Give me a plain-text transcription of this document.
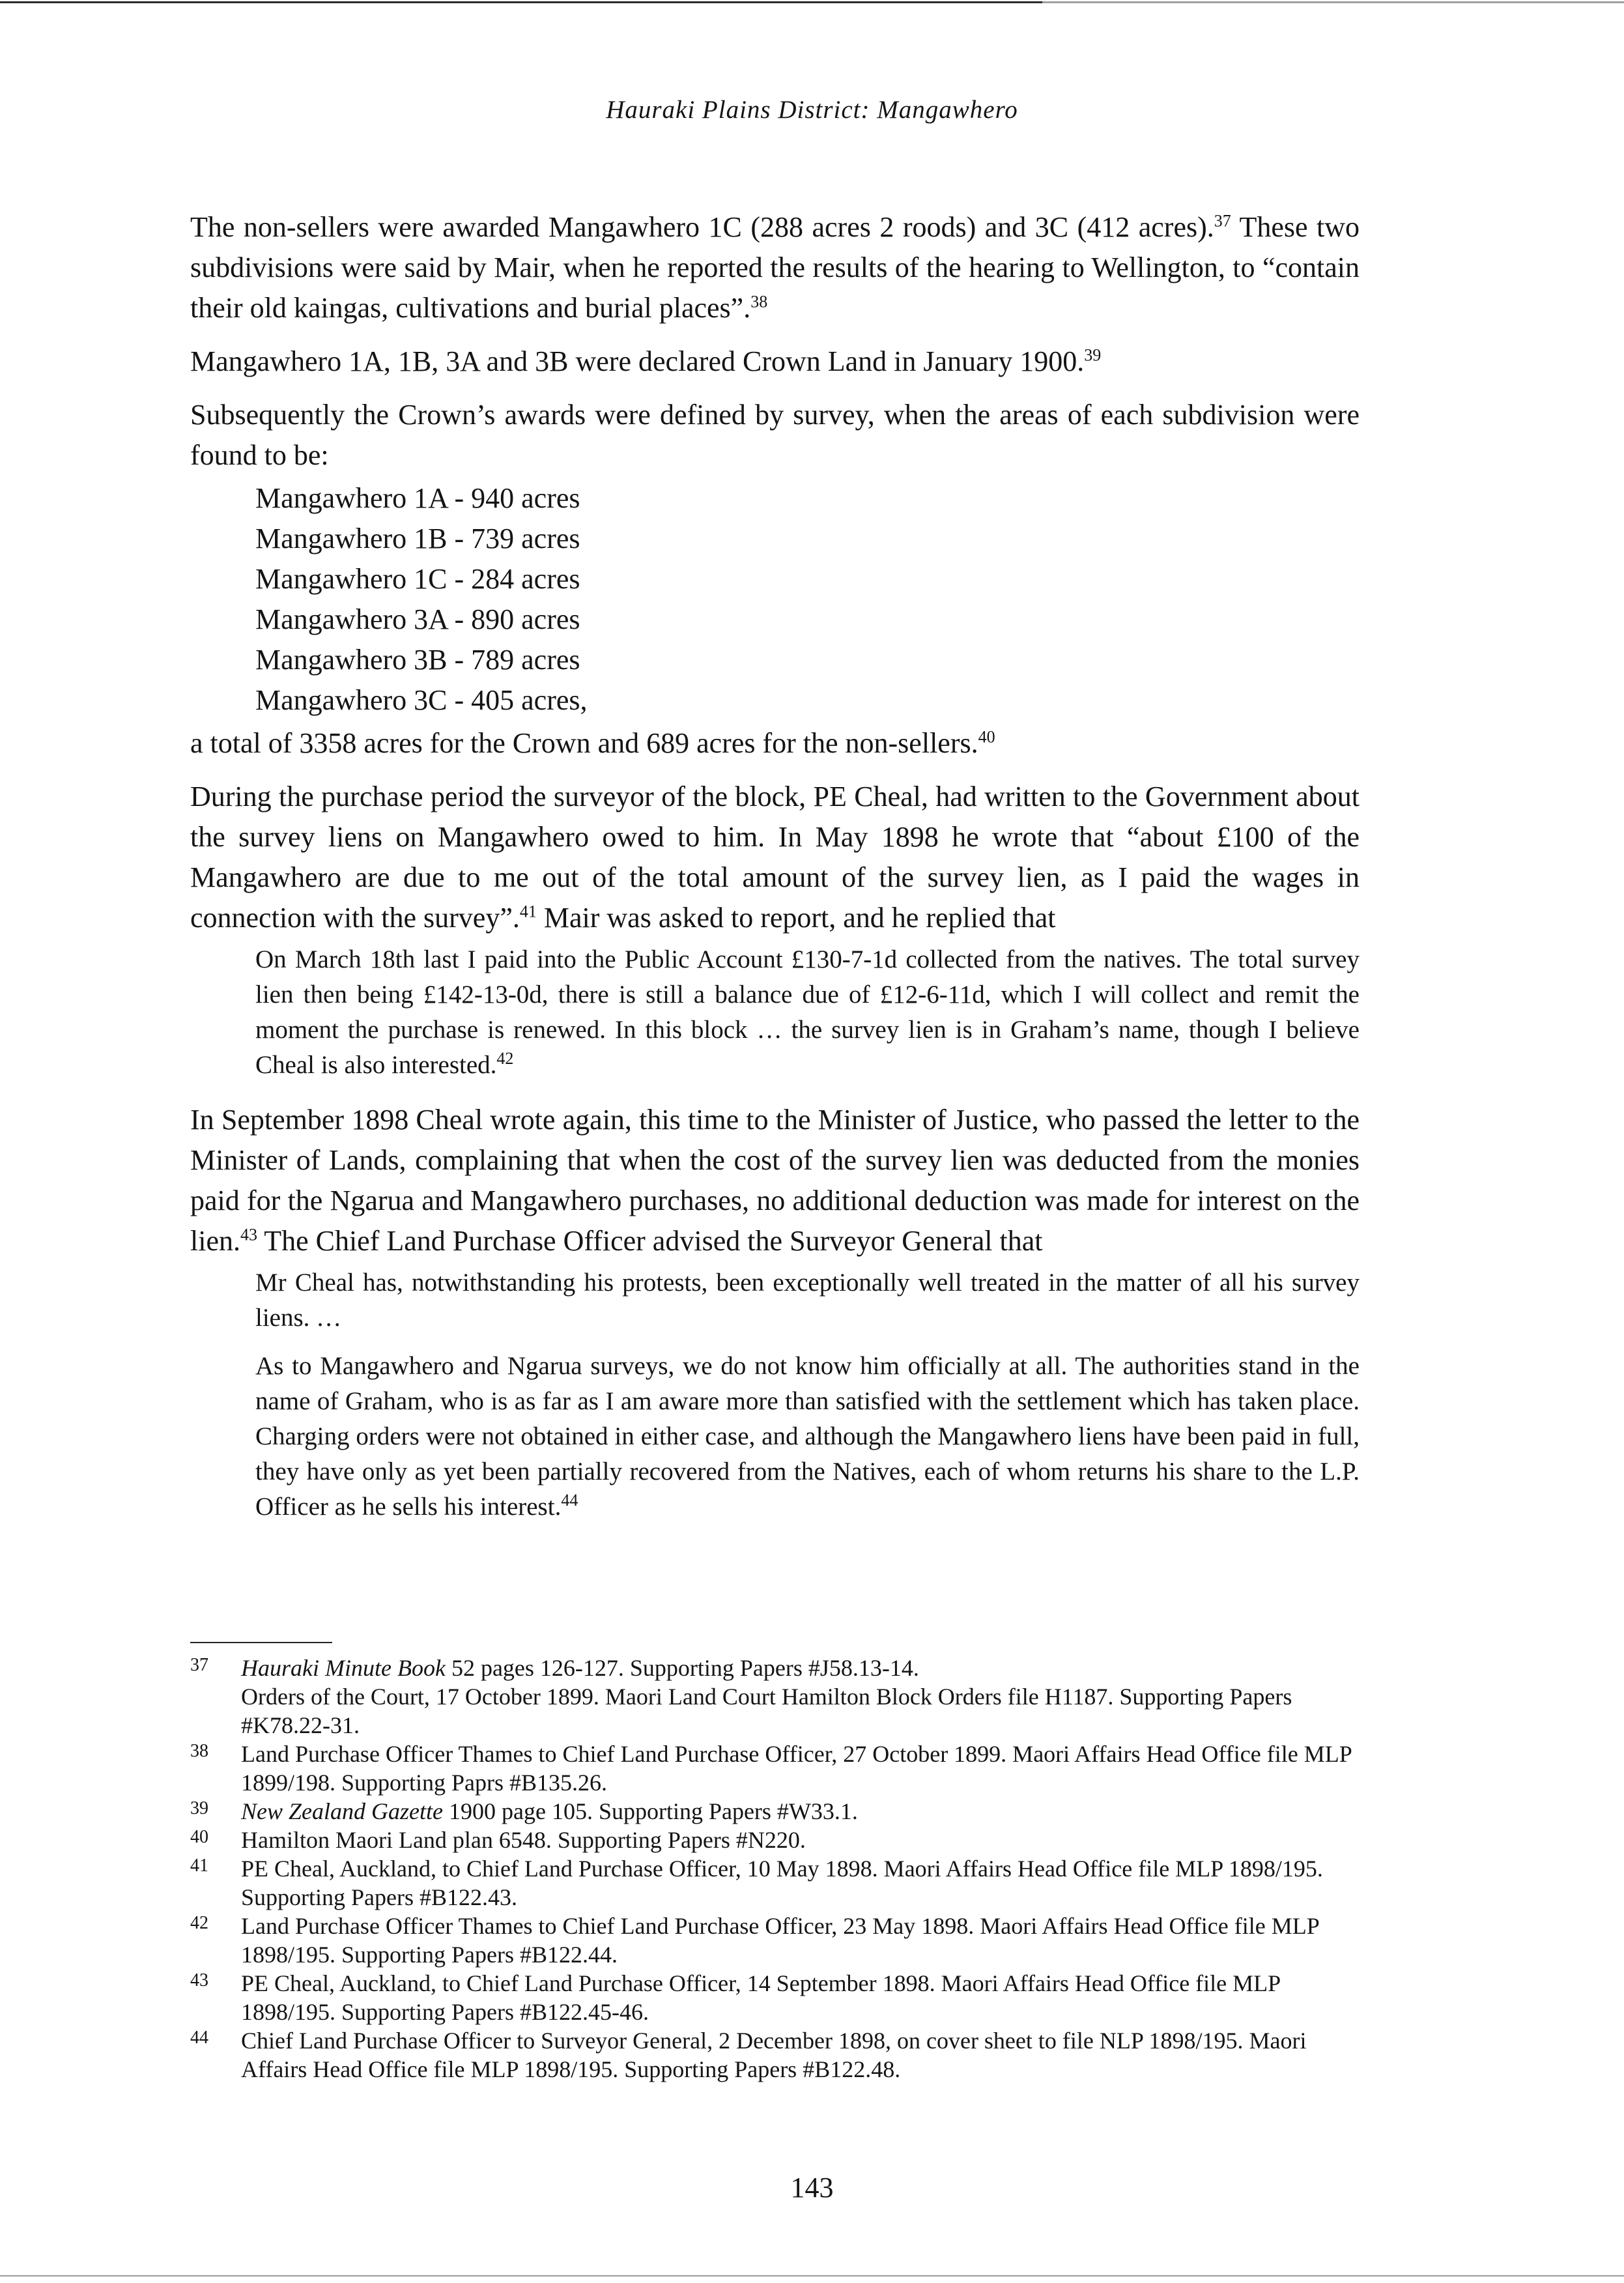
Hauraki Plains District: Mangawhero

The non-sellers were awarded Mangawhero 1C (288 acres 2 roods) and 3C (412 acres).$^{37}$ These two subdivisions were said by Mair, when he reported the results of the hearing to Wellington, to “contain their old kaingas, cultivations and burial places”.$^{38}$

Mangawhero 1A, 1B, 3A and 3B were declared Crown Land in January 1900.39

Subsequently the Crown’s awards were defined by survey, when the areas of each subdivision were found to be:

Mangawhero 1A - 940 acres
Mangawhero 1B - 739 acres
Mangawhero 1C - 284 acres
Mangawhero 3A - 890 acres
Mangawhero 3B - 789 acres
Mangawhero 3C - 405 acres,

a total of 3358 acres for the Crown and 689 acres for the non-sellers.$^{40}$

During the purchase period the surveyor of the block, PE Cheal, had written to the Government about the survey liens on Mangawhero owed to him. In May 1898 he wrote that “about £100 of the Mangawhero are due to me out of the total amount of the survey lien, as I paid the wages in connection with the survey”.$^{41}$ Mair was asked to report, and he replied that

On March 18th last I paid into the Public Account £130-7-1d collected from the natives. The total survey lien then being £142-13-0d, there is still a balance due of £12-6-11d, which I will collect and remit the moment the purchase is renewed. In this block … the survey lien is in Graham’s name, though I believe Cheal is also interested.$^{42}$

In September 1898 Cheal wrote again, this time to the Minister of Justice, who passed the letter to the Minister of Lands, complaining that when the cost of the survey lien was deducted from the monies paid for the Ngarua and Mangawhero purchases, no additional deduction was made for interest on the lien.$^{43}$ The Chief Land Purchase Officer advised the Surveyor General that

Mr Cheal has, notwithstanding his protests, been exceptionally well treated in the matter of all his survey liens. …

As to Mangawhero and Ngarua surveys, we do not know him officially at all. The authorities stand in the name of Graham, who is as far as I am aware more than satisfied with the settlement which has taken place. Charging orders were not obtained in either case, and although the Mangawhero liens have been paid in full, they have only as yet been partially recovered from the Natives, each of whom returns his share to the L.P. Officer as he sells his interest.$^{44}$

37	Hauraki Minute Book 52 pages 126-127. Supporting Papers #J58.13-14.
Orders of the Court, 17 October 1899. Maori Land Court Hamilton Block Orders file H1187. Supporting Papers #K78.22-31.
38	Land Purchase Officer Thames to Chief Land Purchase Officer, 27 October 1899. Maori Affairs Head Office file MLP 1899/198. Supporting Paprs #B135.26.
39	New Zealand Gazette 1900 page 105. Supporting Papers #W33.1.
40	Hamilton Maori Land plan 6548. Supporting Papers #N220.
41	PE Cheal, Auckland, to Chief Land Purchase Officer, 10 May 1898. Maori Affairs Head Office file MLP 1898/195. Supporting Papers #B122.43.
42	Land Purchase Officer Thames to Chief Land Purchase Officer, 23 May 1898. Maori Affairs Head Office file MLP 1898/195. Supporting Papers #B122.44.
43	PE Cheal, Auckland, to Chief Land Purchase Officer, 14 September 1898. Maori Affairs Head Office file MLP 1898/195. Supporting Papers #B122.45-46.
44	Chief Land Purchase Officer to Surveyor General, 2 December 1898, on cover sheet to file NLP 1898/195. Maori Affairs Head Office file MLP 1898/195. Supporting Papers #B122.48.
143
